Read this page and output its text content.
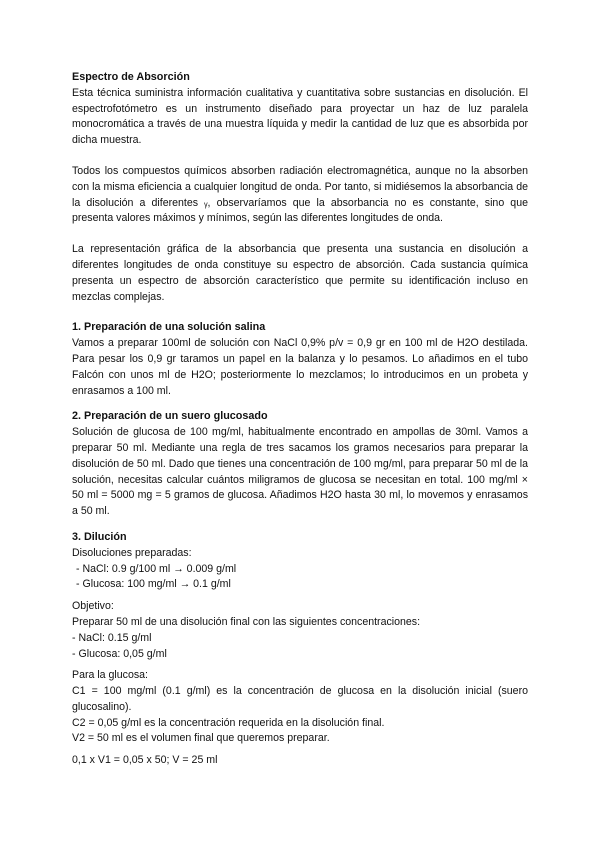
Espectro de Absorción

Esta técnica suministra información cualitativa y cuantitativa sobre sustancias en disolución. El espectrofotómetro es un instrumento diseñado para proyectar un haz de luz paralela monocromática a través de una muestra líquida y medir la cantidad de luz que es absorbida por dicha muestra.

Todos los compuestos químicos absorben radiación electromagnética, aunque no la absorben con la misma eficiencia a cualquier longitud de onda. Por tanto, si midiésemos la absorbancia de la disolución a diferentes ᵧ, observaríamos que la absorbancia no es constante, sino que presenta valores máximos y mínimos, según las diferentes longitudes de onda.

La representación gráfica de la absorbancia que presenta una sustancia en disolución a diferentes longitudes de onda constituye su espectro de absorción. Cada sustancia química presenta un espectro de absorción característico que permite su identificación incluso en mezclas complejas.

1. Preparación de una solución salina

Vamos a preparar 100ml de solución con NaCl 0,9% p/v = 0,9 gr en 100 ml de H2O destilada. Para pesar los 0,9 gr taramos un papel en la balanza y lo pesamos. Lo añadimos en el tubo Falcón con unos ml de H2O; posteriormente lo mezclamos; lo introducimos en un probeta y enrasamos a 100 ml.

2. Preparación de un suero glucosado

Solución de glucosa de 100 mg/ml, habitualmente encontrado en ampollas de 30ml. Vamos a preparar 50 ml. Mediante una regla de tres sacamos los gramos necesarios para preparar la disolución de 50 ml. Dado que tienes una concentración de 100 mg/ml, para preparar 50 ml de la solución, necesitas calcular cuántos miligramos de glucosa se necesitan en total. 100 mg/ml × 50 ml = 5000 mg = 5 gramos de glucosa. Añadimos H2O hasta 30 ml, lo movemos y enrasamos a 50 ml.

3. Dilución

Disoluciones preparadas:

- NaCl: 0.9 g/100 ml → 0.009 g/ml

- Glucosa: 100 mg/ml → 0.1 g/ml

Objetivo:

Preparar 50 ml de una disolución final con las siguientes concentraciones:

- NaCl: 0.15 g/ml

- Glucosa: 0,05 g/ml

Para la glucosa:

C1 = 100 mg/ml (0.1 g/ml) es la concentración de glucosa en la disolución inicial (suero glucosalino).

C2 = 0,05 g/ml es la concentración requerida en la disolución final.

V2 = 50 ml es el volumen final que queremos preparar.

0,1 x V1 = 0,05 x 50; V = 25 ml
